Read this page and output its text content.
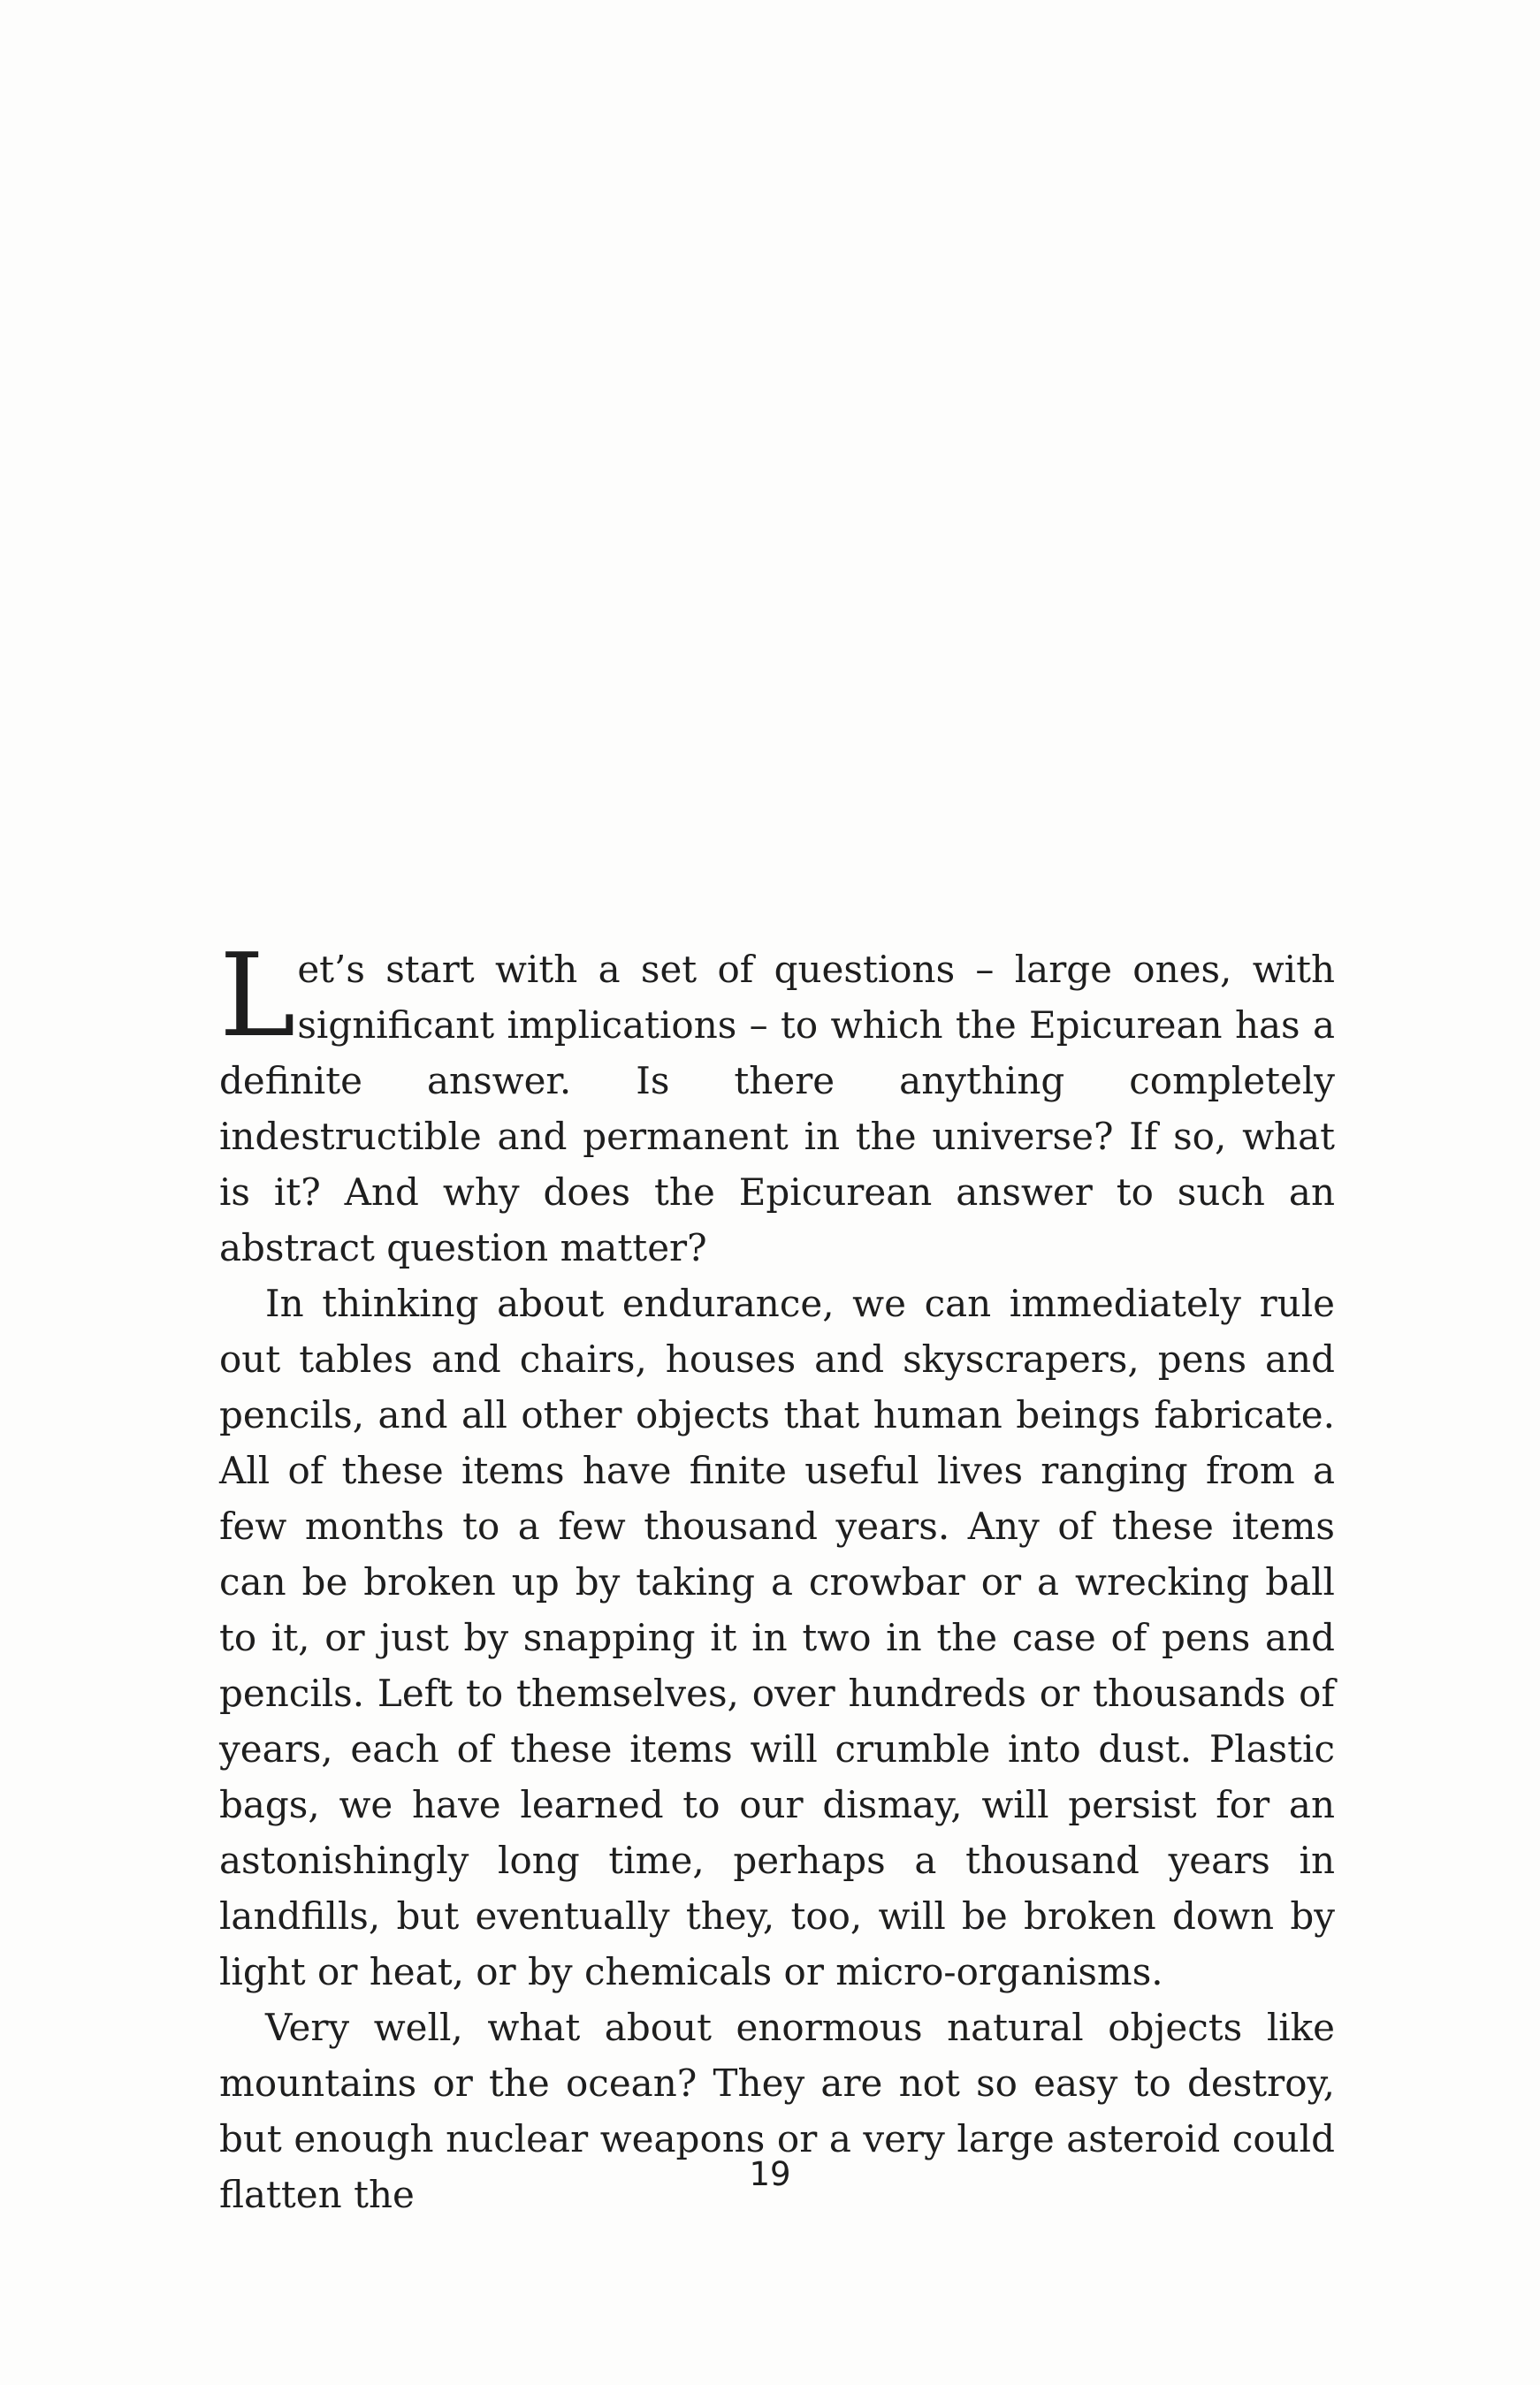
Let’s start with a set of questions – large ones, with significant implications – to which the Epicurean has a definite answer. Is there anything completely indestructible and permanent in the universe? If so, what is it? And why does the Epicurean answer to such an abstract question matter?

In thinking about endurance, we can immediately rule out tables and chairs, houses and skyscrapers, pens and pencils, and all other objects that human beings fabricate. All of these items have finite useful lives ranging from a few months to a few thousand years. Any of these items can be broken up by taking a crowbar or a wrecking ball to it, or just by snapping it in two in the case of pens and pencils. Left to themselves, over hundreds or thousands of years, each of these items will crumble into dust. Plastic bags, we have learned to our dismay, will persist for an astonishingly long time, perhaps a thousand years in landfills, but eventually they, too, will be broken down by light or heat, or by chemicals or micro-organisms.

Very well, what about enormous natural objects like mountains or the ocean? They are not so easy to destroy, but enough nuclear weapons or a very large asteroid could flatten the	19
